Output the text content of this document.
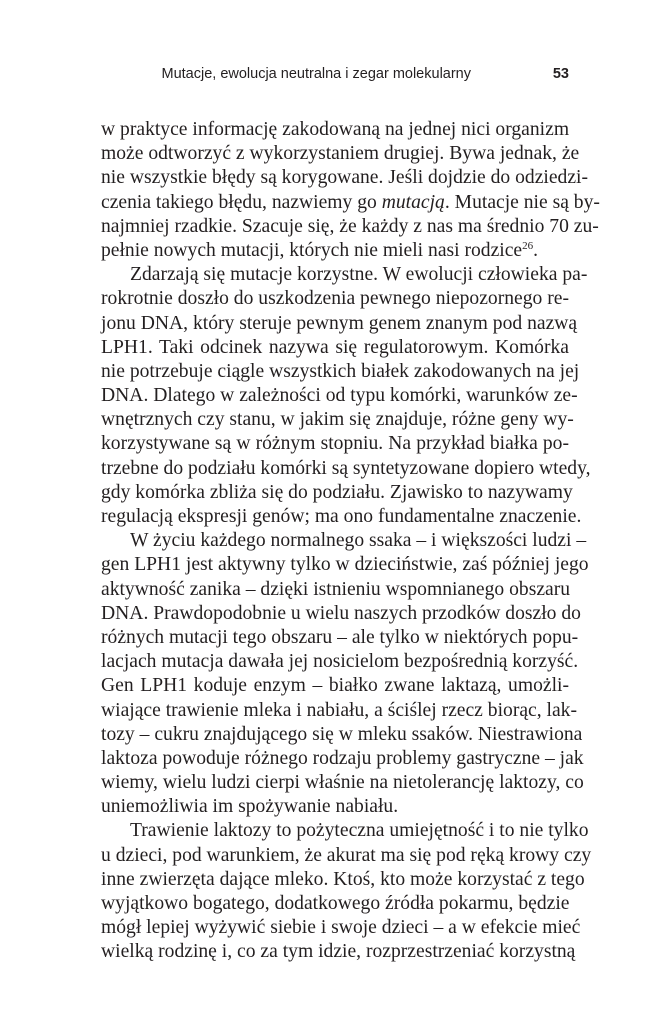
Mutacje, ewolucja neutralna i zegar molekularny	53
w praktyce informację zakodowaną na jednej nici organizm
może odtworzyć z wykorzystaniem drugiej. Bywa jednak, że
nie wszystkie błędy są korygowane. Jeśli dojdzie do odziedzi-
czenia takiego błędu, nazwiemy go mutacją. Mutacje nie są by-
najmniej rzadkie. Szacuje się, że każdy z nas ma średnio 70 zu-
pełnie nowych mutacji, których nie mieli nasi rodzice$^{26}$.
Zdarzają się mutacje korzystne. W ewolucji człowieka pa-
rokrotnie doszło do uszkodzenia pewnego niepozornego re-
jonu DNA, który steruje pewnym genem znanym pod nazwą
LPH1. Taki odcinek nazywa się regulatorowym. Komórka
nie potrzebuje ciągle wszystkich białek zakodowanych na jej
DNA. Dlatego w zależności od typu komórki, warunków ze-
wnętrznych czy stanu, w jakim się znajduje, różne geny wy-
korzystywane są w różnym stopniu. Na przykład białka po-
trzebne do podziału komórki są syntetyzowane dopiero wtedy,
gdy komórka zbliża się do podziału. Zjawisko to nazywamy
regulacją ekspresji genów; ma ono fundamentalne znaczenie.
W życiu każdego normalnego ssaka – i większości ludzi –
gen LPH1 jest aktywny tylko w dzieciństwie, zaś później jego
aktywność zanika – dzięki istnieniu wspomnianego obszaru
DNA. Prawdopodobnie u wielu naszych przodków doszło do
różnych mutacji tego obszaru – ale tylko w niektórych popu-
lacjach mutacja dawała jej nosicielom bezpośrednią korzyść.
Gen LPH1 koduje enzym – białko zwane laktazą, umożli-
wiające trawienie mleka i nabiału, a ściślej rzecz biorąc, lak-
tozy – cukru znajdującego się w mleku ssaków. Niestrawiona
laktoza powoduje różnego rodzaju problemy gastryczne – jak
wiemy, wielu ludzi cierpi właśnie na nietolerancję laktozy, co
uniemożliwia im spożywanie nabiału.
Trawienie laktozy to pożyteczna umiejętność i to nie tylko
u dzieci, pod warunkiem, że akurat ma się pod ręką krowy czy
inne zwierzęta dające mleko. Ktoś, kto może korzystać z tego
wyjątkowo bogatego, dodatkowego źródła pokarmu, będzie
mógł lepiej wyżywić siebie i swoje dzieci – a w efekcie mieć
wielką rodzinę i, co za tym idzie, rozprzestrzeniać korzystną
